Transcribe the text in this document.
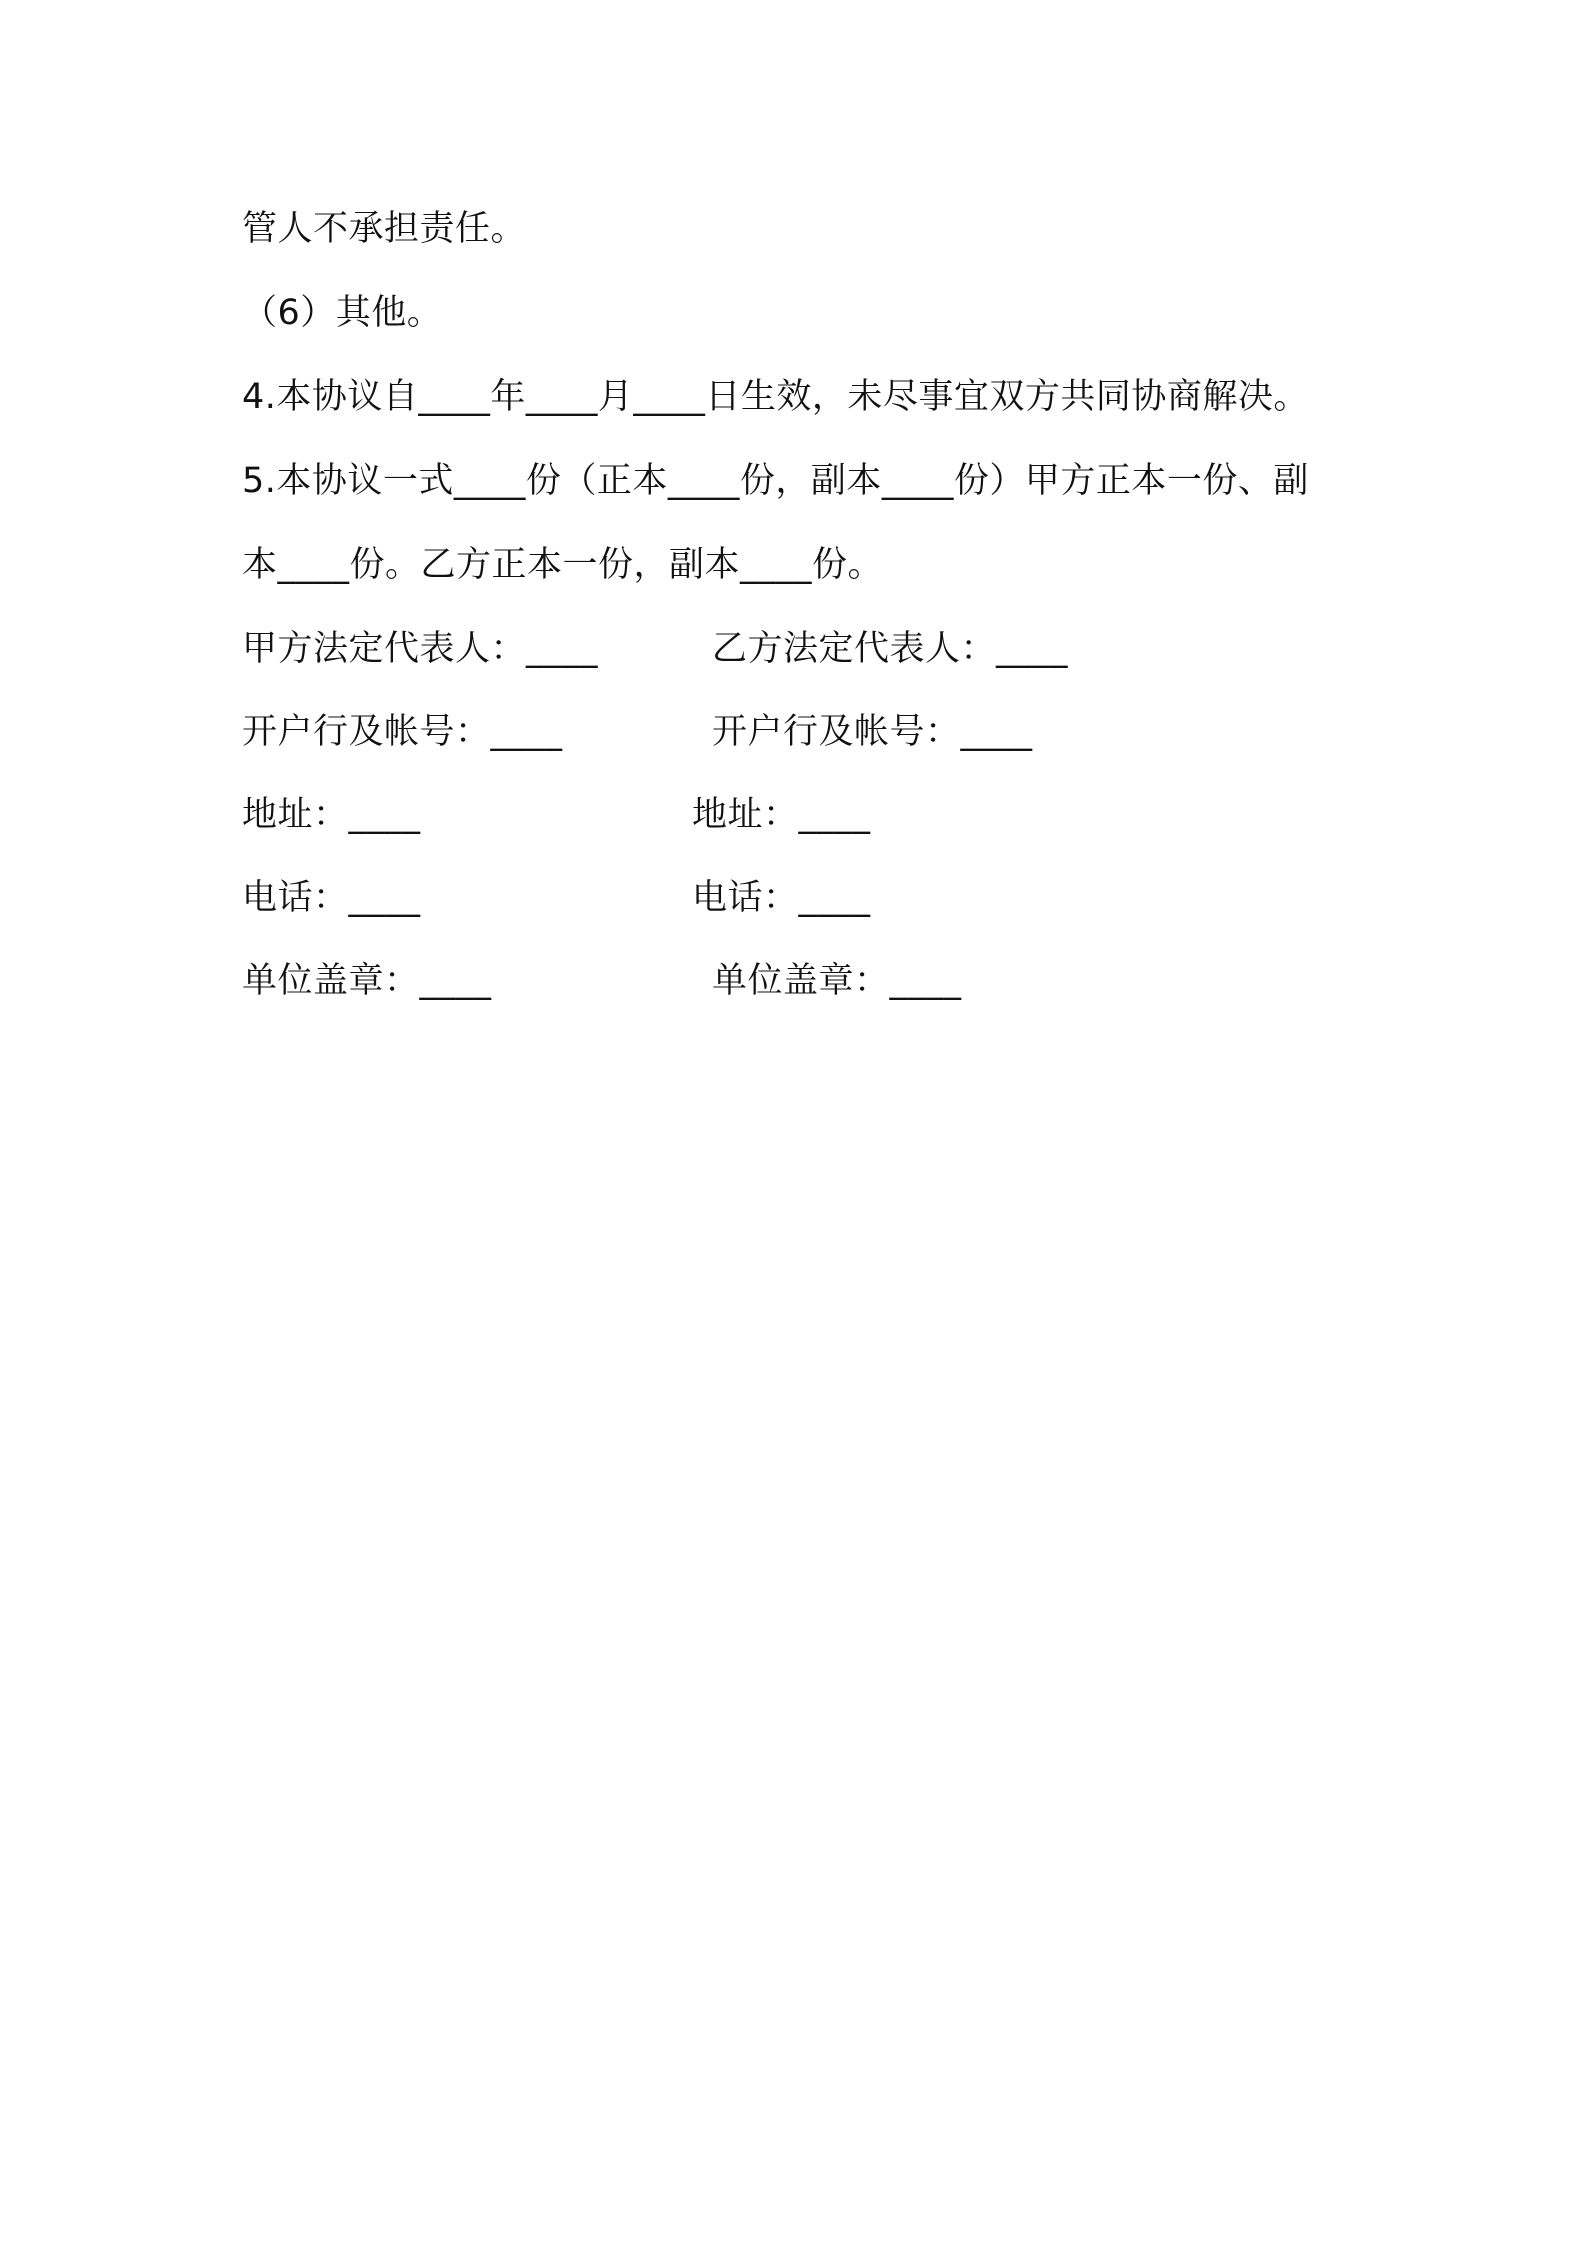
管人不承担责任。
（6）其他。
4.本协议自____年____月____日生效，未尽事宜双方共同协商解决。
5.本协议一式____份（正本____份，副本____份）甲方正本一份、副
本____份。乙方正本一份，副本____份。
甲方法定代表人：____
开户行及帐号：____
地址：____
电话：____
单位盖章：____
乙方法定代表人：____
开户行及帐号：____
地址：____
电话：____
单位盖章：____
